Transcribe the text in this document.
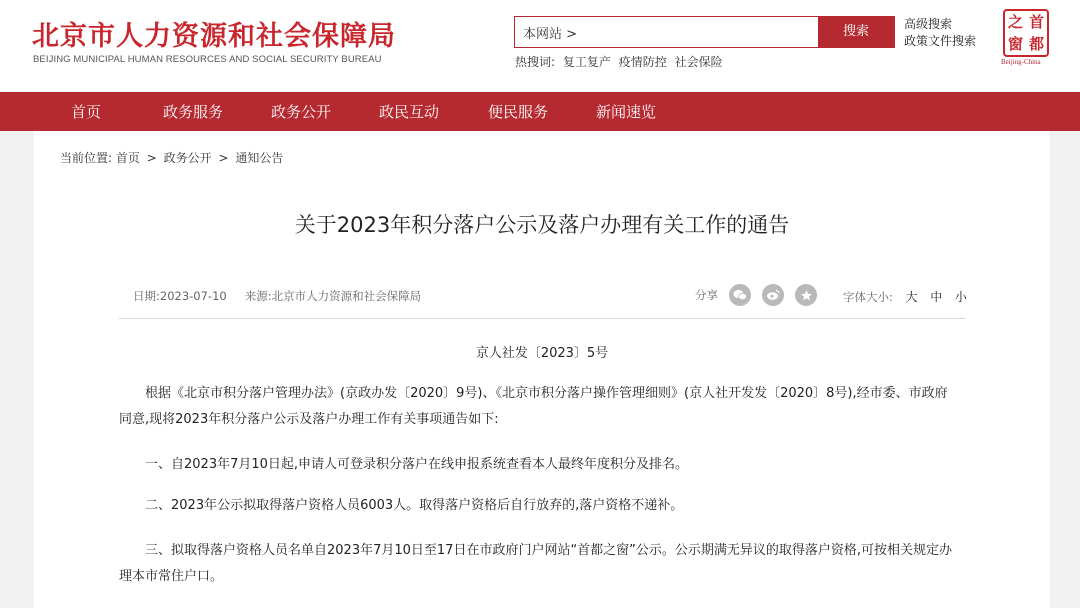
北京市人力资源和社会保障局
BEIJING MUNICIPAL HUMAN RESOURCES AND SOCIAL SECURITY BUREAU
本网站 >	搜索
热搜词: 复工复产 疫情防控 社会保险
高级搜索
政策文件搜索
之 首
窗 都
Beijing-China
首页	政务服务	政务公开	政民互动	便民服务	新闻速览
当前位置: 首页 > 政务公开 > 通知公告
关于2023年积分落户公示及落户办理有关工作的通告
日期:2023-07-10 来源:北京市人力资源和社会保障局	分享	字体大小: 大 中 小
京人社发〔2023〕5号

根据《北京市积分落户管理办法》(京政办发〔2020〕9号)、《北京市积分落户操作管理细则》(京人社开发发〔2020〕8号),经市委、市政府同意,现将2023年积分落户公示及落户办理工作有关事项通告如下:

一、自2023年7月10日起,申请人可登录积分落户在线申报系统查看本人最终年度积分及排名。

二、2023年公示拟取得落户资格人员6003人。取得落户资格后自行放弃的,落户资格不递补。

三、拟取得落户资格人员名单自2023年7月10日至17日在市政府门户网站“首都之窗”公示。公示期满无异议的取得落户资格,可按相关规定办理本市常住户口。
